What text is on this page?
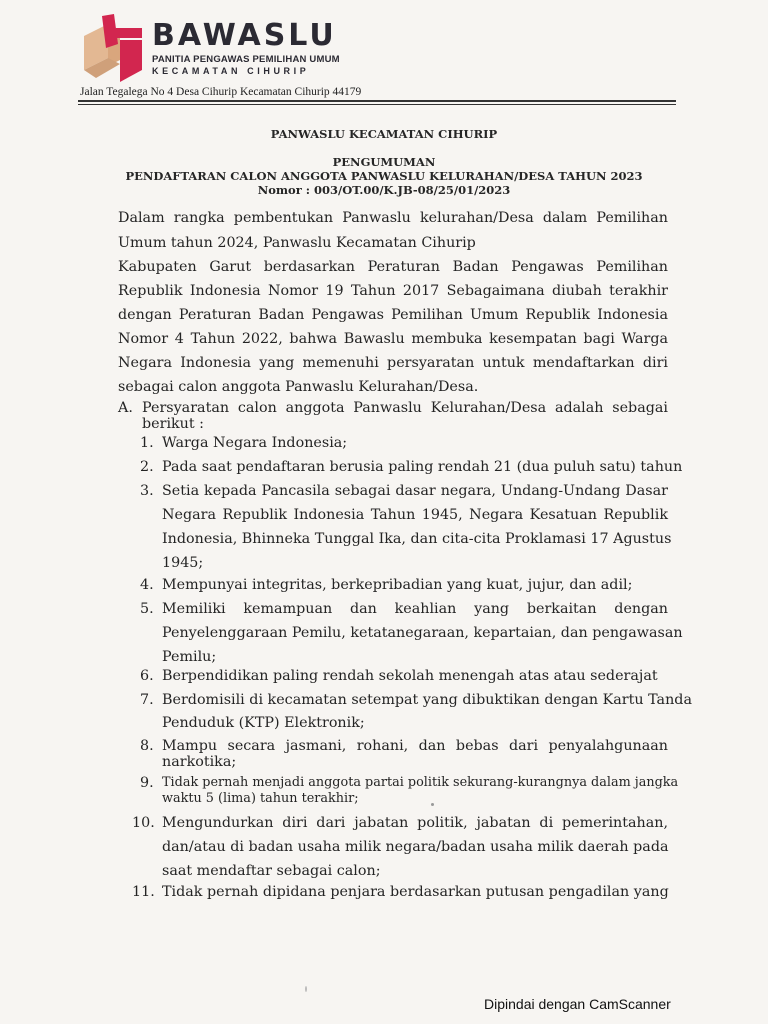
BAWASLU
PANITIA PENGAWAS PEMILIHAN UMUM
KECAMATAN CIHURIP
Jalan Tegalega No 4 Desa Cihurip Kecamatan Cihurip 44179
PANWASLU KECAMATAN CIHURIP
PENGUMUMAN
PENDAFTARAN CALON ANGGOTA PANWASLU KELURAHAN/DESA TAHUN 2023
Nomor : 003/OT.00/K.JB-08/25/01/2023
Dalam rangka pembentukan Panwaslu kelurahan/Desa dalam Pemilihan
Umum tahun 2024, Panwaslu Kecamatan Cihurip
Kabupaten Garut berdasarkan Peraturan Badan Pengawas Pemilihan
Republik Indonesia Nomor 19 Tahun 2017 Sebagaimana diubah terakhir
dengan Peraturan Badan Pengawas Pemilihan Umum Republik Indonesia
Nomor 4 Tahun 2022, bahwa Bawaslu membuka kesempatan bagi Warga
Negara Indonesia yang memenuhi persyaratan untuk mendaftarkan diri
sebagai calon anggota Panwaslu Kelurahan/Desa.
A. Persyaratan calon anggota Panwaslu Kelurahan/Desa adalah sebagai
berikut :
1. Warga Negara Indonesia;
2. Pada saat pendaftaran berusia paling rendah 21 (dua puluh satu) tahun
3. Setia kepada Pancasila sebagai dasar negara, Undang-Undang Dasar
Negara Republik Indonesia Tahun 1945, Negara Kesatuan Republik
Indonesia, Bhinneka Tunggal Ika, dan cita-cita Proklamasi 17 Agustus
1945;
4. Mempunyai integritas, berkepribadian yang kuat, jujur, dan adil;
5. Memiliki kemampuan dan keahlian yang berkaitan dengan
Penyelenggaraan Pemilu, ketatanegaraan, kepartaian, dan pengawasan
Pemilu;
6. Berpendidikan paling rendah sekolah menengah atas atau sederajat
7. Berdomisili di kecamatan setempat yang dibuktikan dengan Kartu Tanda
Penduduk (KTP) Elektronik;
8. Mampu secara jasmani, rohani, dan bebas dari penyalahgunaan
narkotika;
9. Tidak pernah menjadi anggota partai politik sekurang-kurangnya dalam jangka
waktu 5 (lima) tahun terakhir;
10. Mengundurkan diri dari jabatan politik, jabatan di pemerintahan,
dan/atau di badan usaha milik negara/badan usaha milik daerah pada
saat mendaftar sebagai calon;
11. Tidak pernah dipidana penjara berdasarkan putusan pengadilan yang
Dipindai dengan CamScanner
